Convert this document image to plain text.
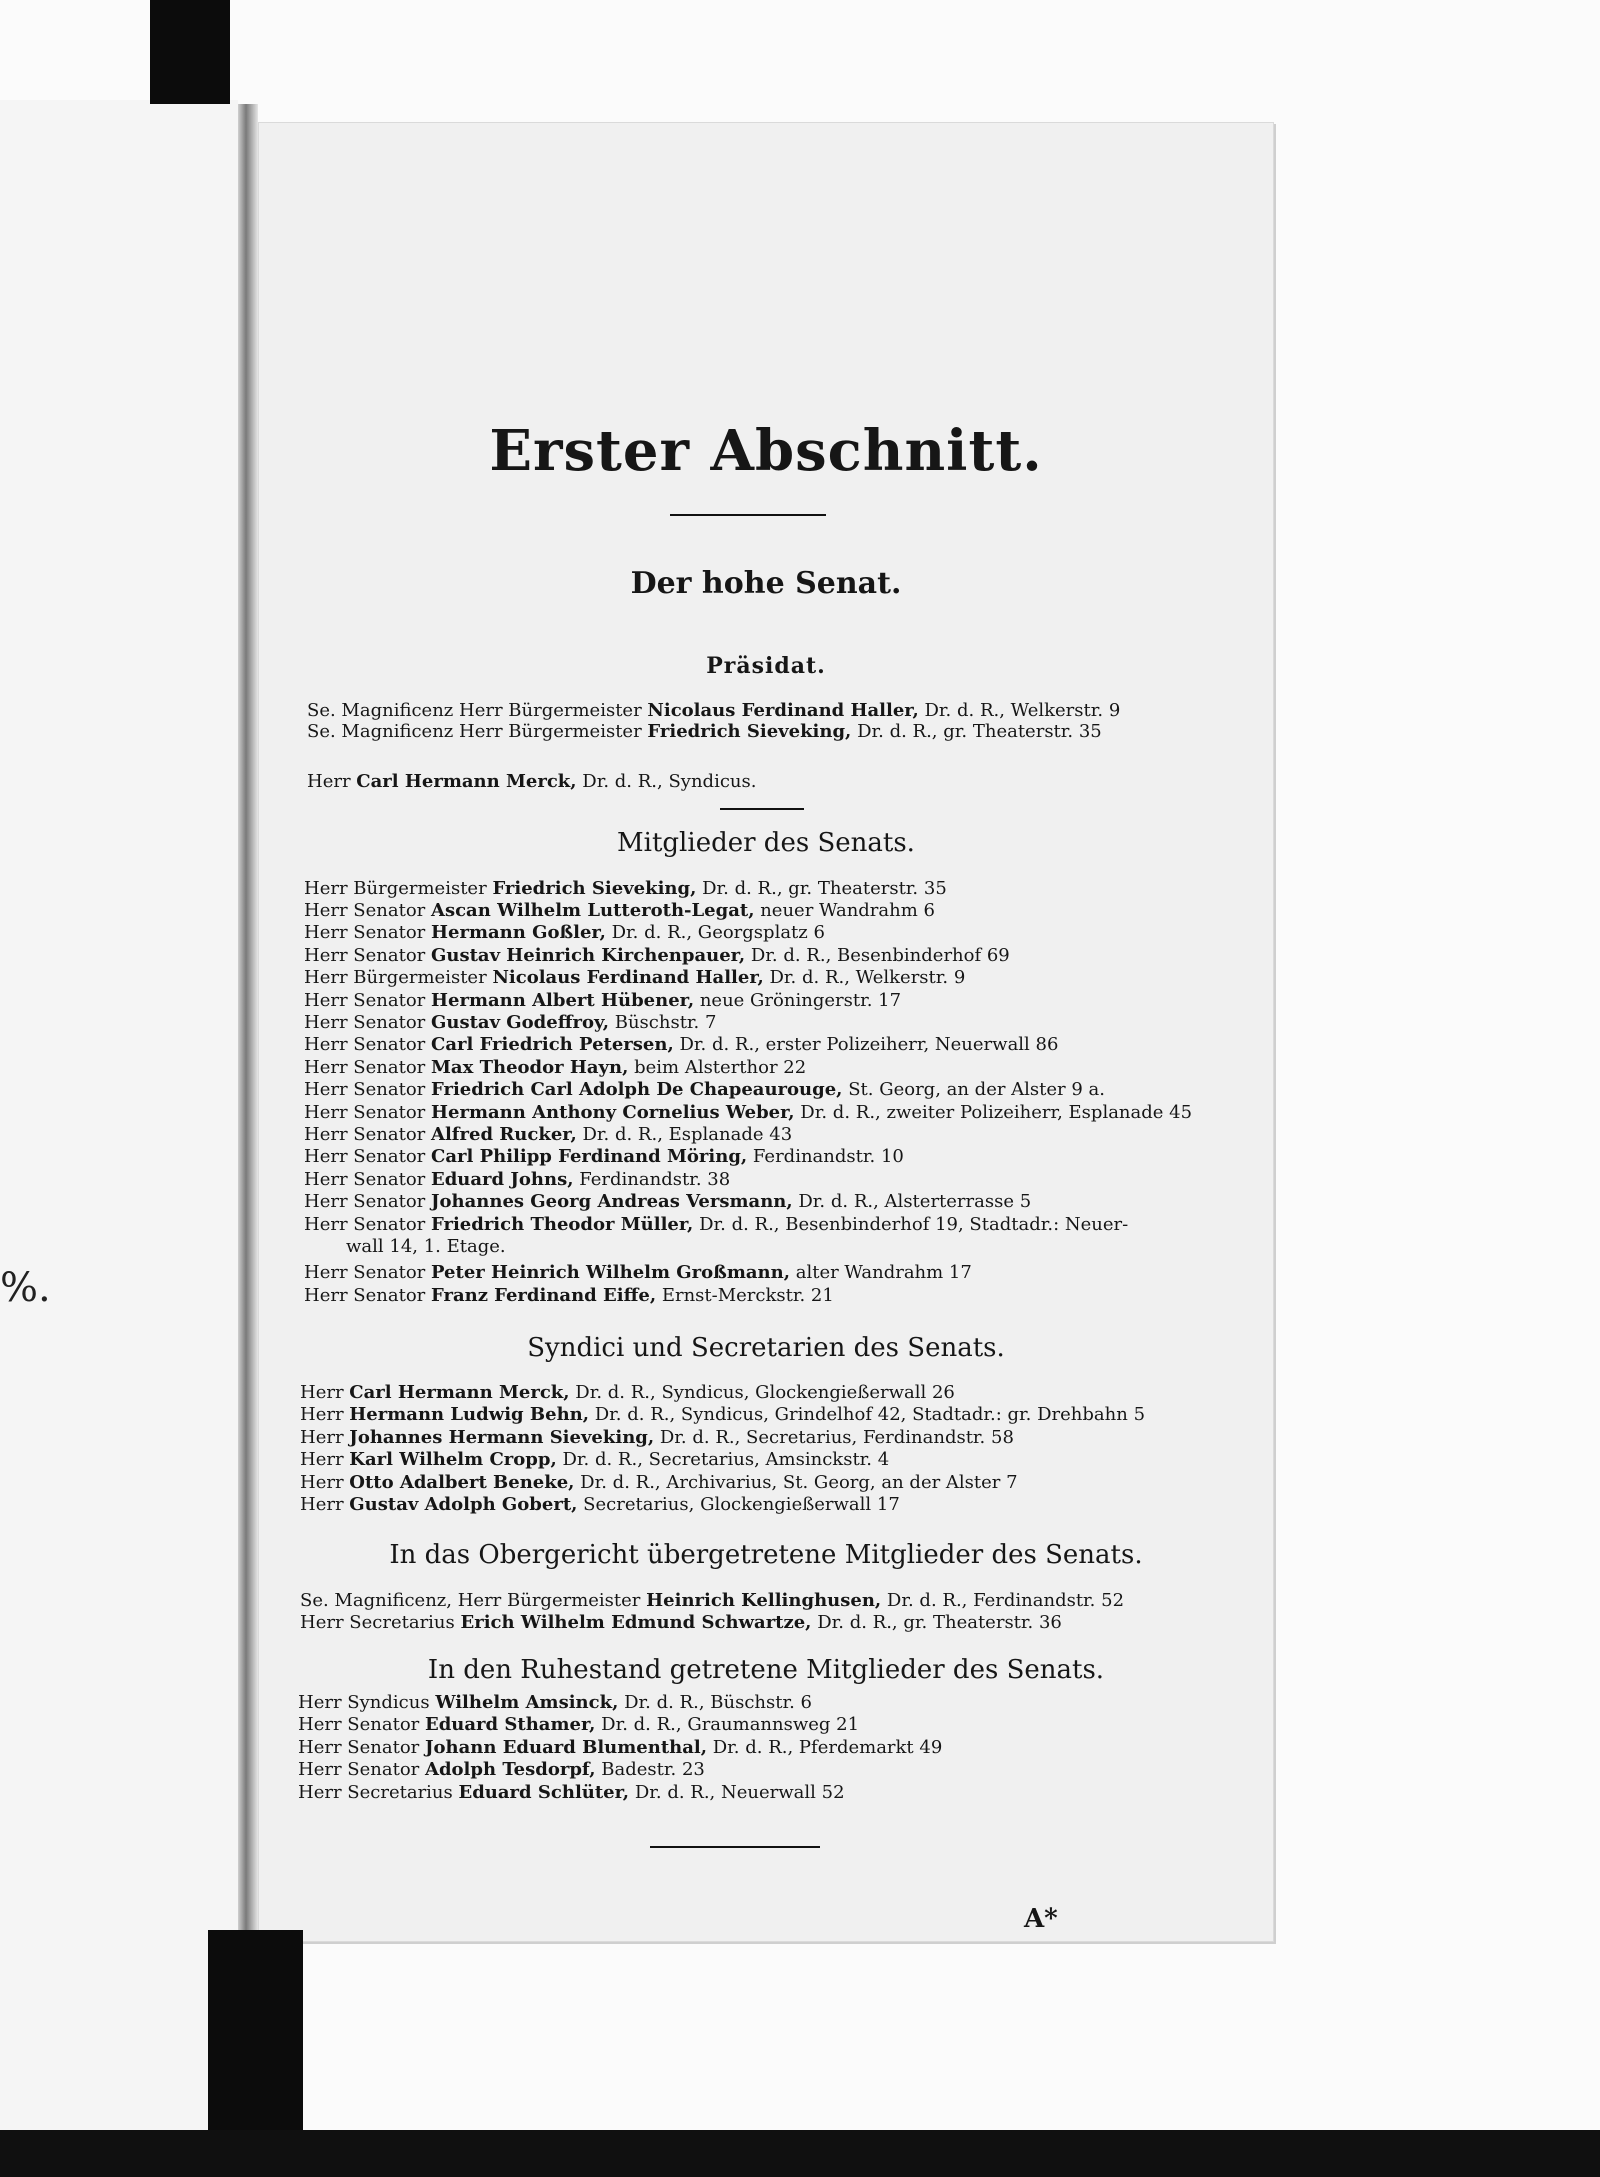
%.
Erster Abschnitt.
Der hohe Senat.
Präsidat.
Se. Magnificenz Herr Bürgermeister Nicolaus Ferdinand Haller, Dr. d. R., Welkerstr. 9
Se. Magnificenz Herr Bürgermeister Friedrich Sieveking, Dr. d. R., gr. Theaterstr. 35
Herr Carl Hermann Merck, Dr. d. R., Syndicus.
Mitglieder des Senats.
Herr Bürgermeister Friedrich Sieveking, Dr. d. R., gr. Theaterstr. 35
Herr Senator Ascan Wilhelm Lutteroth-Legat, neuer Wandrahm 6
Herr Senator Hermann Goßler, Dr. d. R., Georgsplatz 6
Herr Senator Gustav Heinrich Kirchenpauer, Dr. d. R., Besenbinderhof 69
Herr Bürgermeister Nicolaus Ferdinand Haller, Dr. d. R., Welkerstr. 9
Herr Senator Hermann Albert Hübener, neue Gröningerstr. 17
Herr Senator Gustav Godeffroy, Büschstr. 7
Herr Senator Carl Friedrich Petersen, Dr. d. R., erster Polizeiherr, Neuerwall 86
Herr Senator Max Theodor Hayn, beim Alsterthor 22
Herr Senator Friedrich Carl Adolph De Chapeaurouge, St. Georg, an der Alster 9 a.
Herr Senator Hermann Anthony Cornelius Weber, Dr. d. R., zweiter Polizeiherr, Esplanade 45
Herr Senator Alfred Rucker, Dr. d. R., Esplanade 43
Herr Senator Carl Philipp Ferdinand Möring, Ferdinandstr. 10
Herr Senator Eduard Johns, Ferdinandstr. 38
Herr Senator Johannes Georg Andreas Versmann, Dr. d. R., Alsterterrasse 5
Herr Senator Friedrich Theodor Müller, Dr. d. R., Besenbinderhof 19, Stadtadr.: Neuer-
wall 14, 1. Etage.
Herr Senator Peter Heinrich Wilhelm Großmann, alter Wandrahm 17
Herr Senator Franz Ferdinand Eiffe, Ernst-Merckstr. 21
Syndici und Secretarien des Senats.
Herr Carl Hermann Merck, Dr. d. R., Syndicus, Glockengießerwall 26
Herr Hermann Ludwig Behn, Dr. d. R., Syndicus, Grindelhof 42, Stadtadr.: gr. Drehbahn 5
Herr Johannes Hermann Sieveking, Dr. d. R., Secretarius, Ferdinandstr. 58
Herr Karl Wilhelm Cropp, Dr. d. R., Secretarius, Amsinckstr. 4
Herr Otto Adalbert Beneke, Dr. d. R., Archivarius, St. Georg, an der Alster 7
Herr Gustav Adolph Gobert, Secretarius, Glockengießerwall 17
In das Obergericht übergetretene Mitglieder des Senats.
Se. Magnificenz, Herr Bürgermeister Heinrich Kellinghusen, Dr. d. R., Ferdinandstr. 52
Herr Secretarius Erich Wilhelm Edmund Schwartze, Dr. d. R., gr. Theaterstr. 36
In den Ruhestand getretene Mitglieder des Senats.
Herr Syndicus Wilhelm Amsinck, Dr. d. R., Büschstr. 6
Herr Senator Eduard Sthamer, Dr. d. R., Graumannsweg 21
Herr Senator Johann Eduard Blumenthal, Dr. d. R., Pferdemarkt 49
Herr Senator Adolph Tesdorpf, Badestr. 23
Herr Secretarius Eduard Schlüter, Dr. d. R., Neuerwall 52
A*
